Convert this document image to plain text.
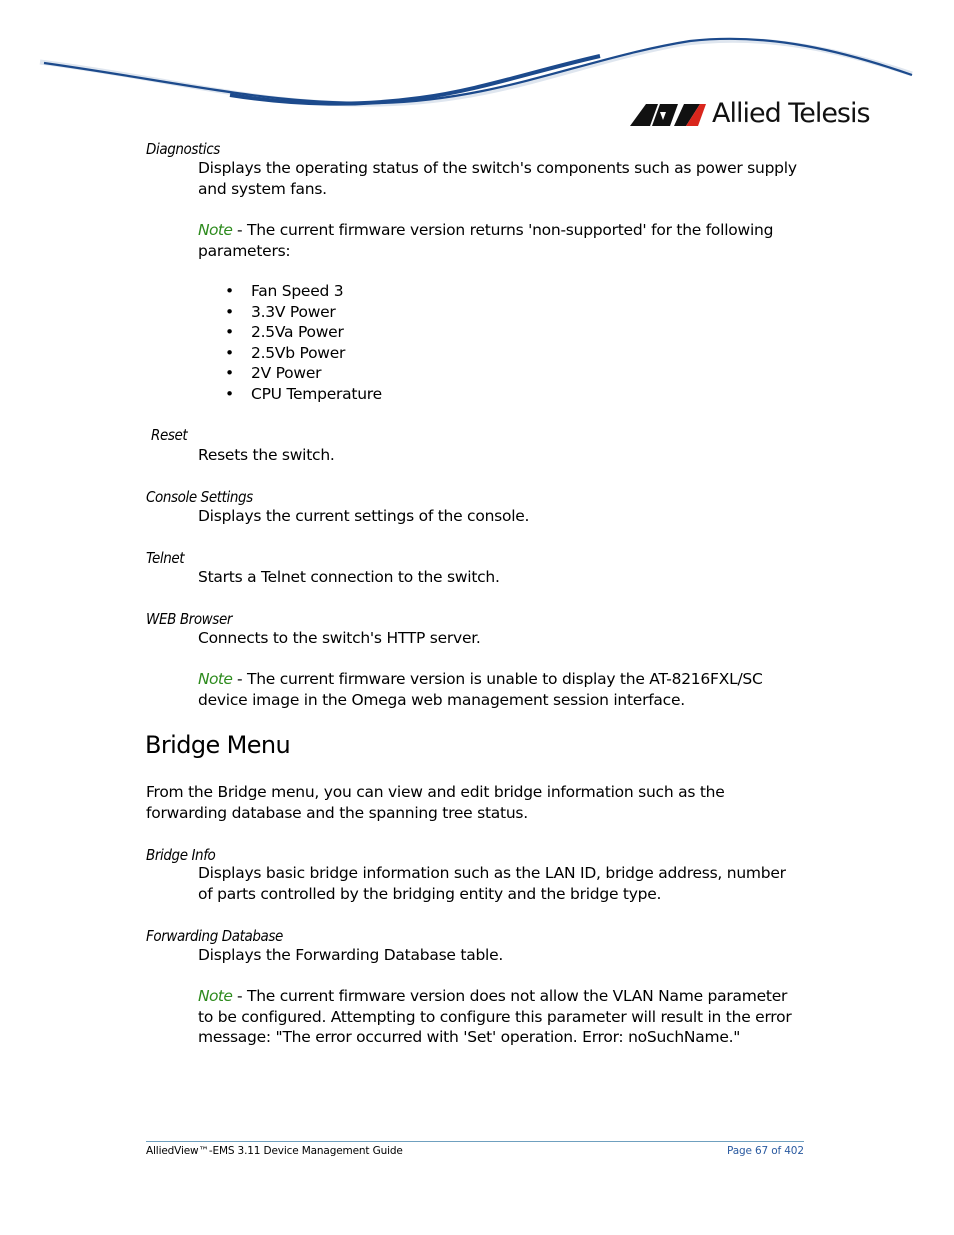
Allied Telesis
Diagnostics
Displays the operating status of the switch's components such as power supply and system fans.
Note - The current firmware version returns 'non-supported' for the following parameters:
• Fan Speed 3
• 3.3V Power
• 2.5Va Power
• 2.5Vb Power
• 2V Power
• CPU Temperature
Reset
Resets the switch.
Console Settings
Displays the current settings of the console.
Telnet
Starts a Telnet connection to the switch.
WEB Browser
Connects to the switch's HTTP server.
Note - The current firmware version is unable to display the AT-8216FXL/SC device image in the Omega web management session interface.
Bridge Menu
From the Bridge menu, you can view and edit bridge information such as the forwarding database and the spanning tree status.
Bridge Info
Displays basic bridge information such as the LAN ID, bridge address, number of parts controlled by the bridging entity and the bridge type.
Forwarding Database
Displays the Forwarding Database table.
Note - The current firmware version does not allow the VLAN Name parameter to be configured. Attempting to configure this parameter will result in the error message: "The error occurred with 'Set' operation. Error: noSuchName."
AlliedView™-EMS 3.11 Device Management Guide	Page 67 of 402
